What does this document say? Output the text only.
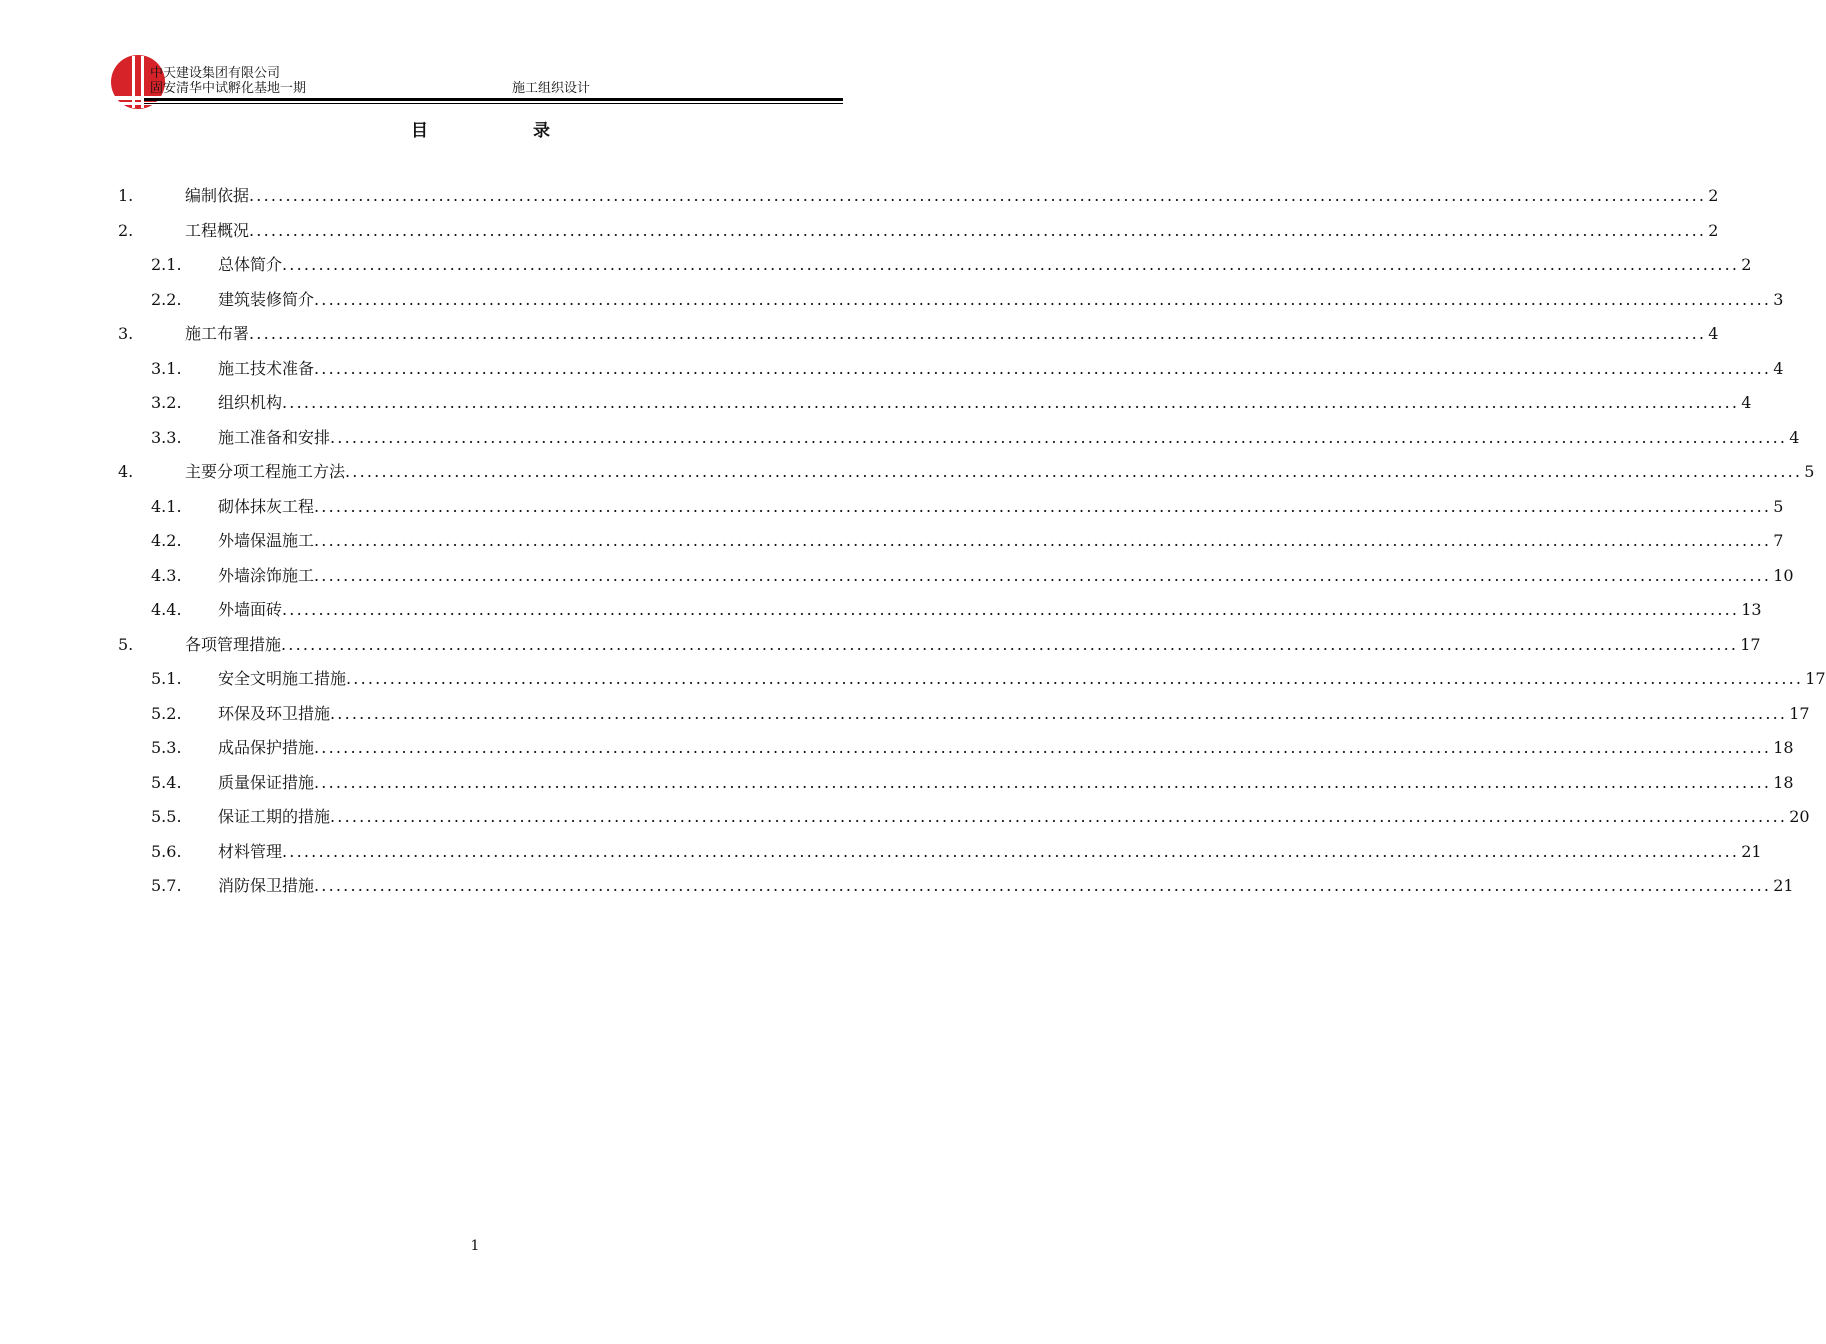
中天建设集团有限公司
固安清华中试孵化基地一期	施工组织设计
目	录
1.	编制依据 ........................................................................................................................................................................................................ 2
2.	工程概况 ........................................................................................................................................................................................................ 2
2.1. 总体简介 ........................................................................................................................................................................................................ 2
2.2. 建筑装修简介 ........................................................................................................................................................................................................ 3
3.	施工布署 ........................................................................................................................................................................................................ 4
3.1. 施工技术准备 ........................................................................................................................................................................................................ 4
3.2. 组织机构 ........................................................................................................................................................................................................ 4
3.3. 施工准备和安排 ........................................................................................................................................................................................................ 4
4.	主要分项工程施工方法 ........................................................................................................................................................................................................ 5
4.1. 砌体抹灰工程 ........................................................................................................................................................................................................ 5
4.2. 外墙保温施工 ........................................................................................................................................................................................................ 7
4.3. 外墙涂饰施工 ........................................................................................................................................................................................................ 10
4.4. 外墙面砖 ........................................................................................................................................................................................................ 13
5.	各项管理措施 ........................................................................................................................................................................................................ 17
5.1. 安全文明施工措施 ........................................................................................................................................................................................................ 17
5.2. 环保及环卫措施 ........................................................................................................................................................................................................ 17
5.3. 成品保护措施 ........................................................................................................................................................................................................ 18
5.4. 质量保证措施 ........................................................................................................................................................................................................ 18
5.5. 保证工期的措施 ........................................................................................................................................................................................................ 20
5.6. 材料管理 ........................................................................................................................................................................................................ 21
5.7. 消防保卫措施 ........................................................................................................................................................................................................ 21
1
